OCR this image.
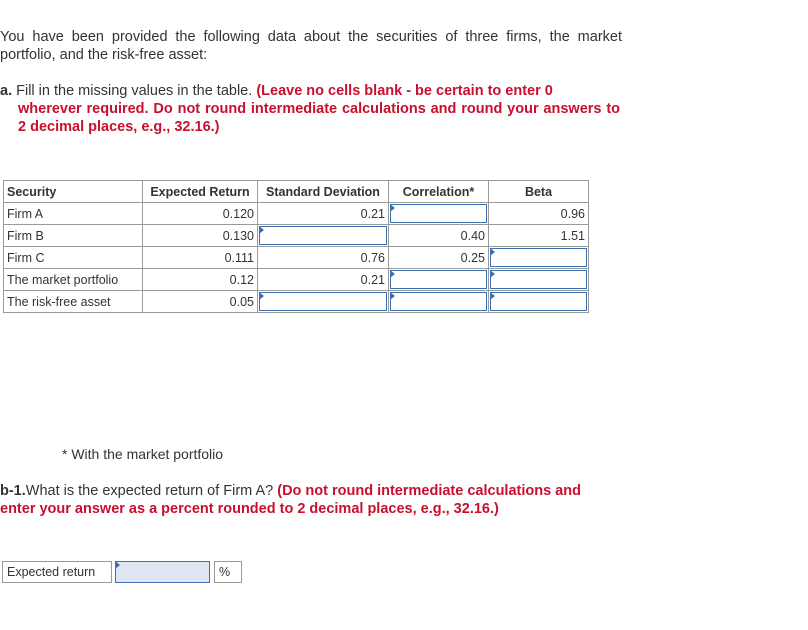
You have been provided the following data about the securities of three firms, the market portfolio, and the risk-free asset:
a. Fill in the missing values in the table. (Leave no cells blank - be certain to enter 0
wherever required. Do not round intermediate calculations and round your answers to 2 decimal places, e.g., 32.16.)
Security	Expected Return	Standard Deviation	Correlation*	Beta
Firm A	0.120	0.21		0.96
Firm B	0.130		0.40	1.51
Firm C	0.111	0.76	0.25	

The market portfolio	0.12	0.21	

The risk-free asset	0.05	

* With the market portfolio
b-1.What is the expected return of Firm A? (Do not round intermediate calculations and enter your answer as a percent rounded to 2 decimal places, e.g., 32.16.)
Expected return	%
